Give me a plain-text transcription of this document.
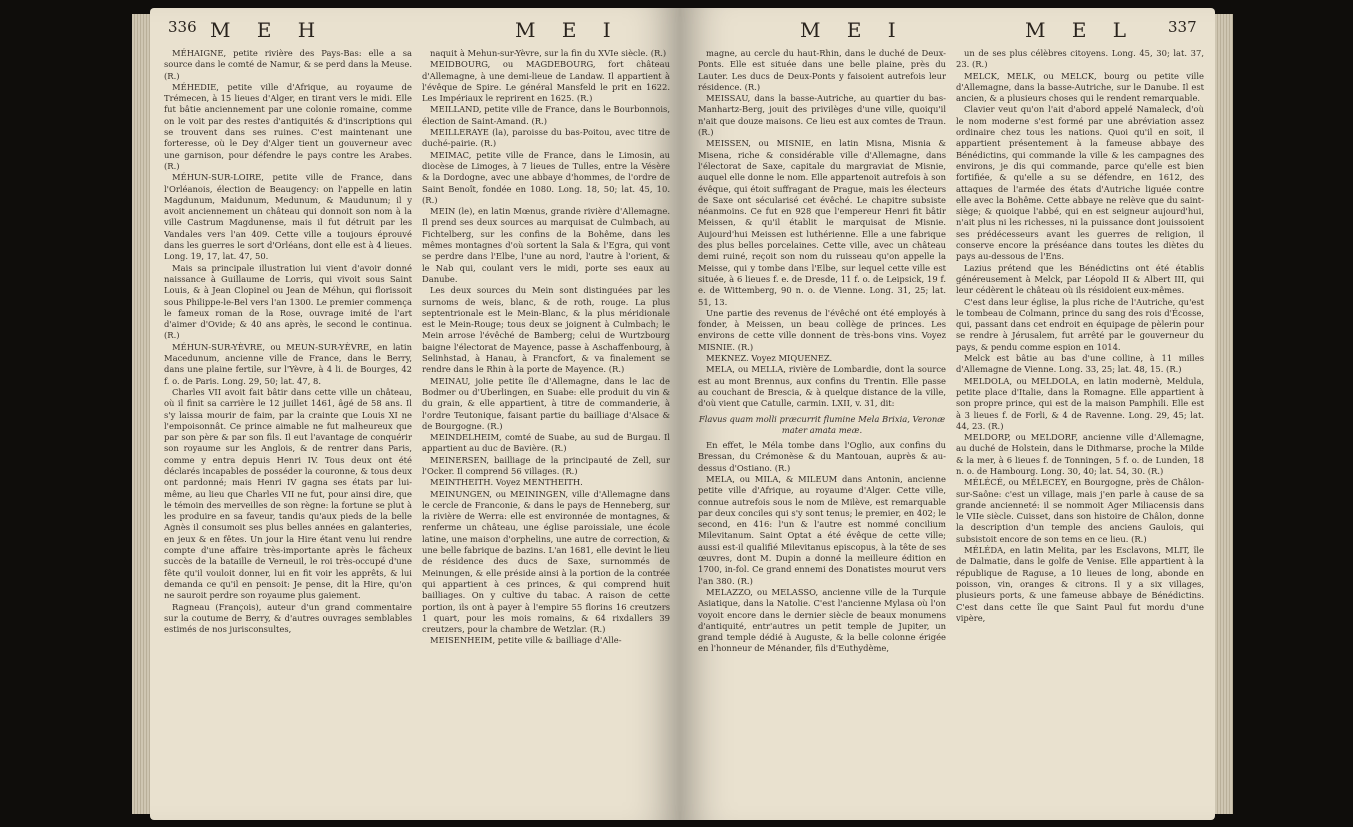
336 M E H	M E I

MÉHAIGNE, petite rivière des Pays-Bas: elle a sa source dans le comté de Namur, & se perd dans la Meuse. (R.)

MÉHEDIE, petite ville d'Afrique, au royaume de Trémecen, à 15 lieues d'Alger, en tirant vers le midi. Elle fut bâtie anciennement par une colonie romaine, comme on le voit par des restes d'antiquités & d'inscriptions qui se trouvent dans ses ruines. C'est maintenant une forteresse, où le Dey d'Alger tient un gouverneur avec une garnison, pour défendre le pays contre les Arabes. (R.)

MÉHUN-SUR-LOIRE, petite ville de France, dans l'Orléanois, élection de Beaugency: on l'appelle en latin Magdunum, Maidunum, Medunum, & Maudunum; il y avoit anciennement un château qui donnoit son nom à la ville Castrum Magdunense, mais il fut détruit par les Vandales vers l'an 409. Cette ville a toujours éprouvé dans les guerres le sort d'Orléans, dont elle est à 4 lieues. Long. 19, 17, lat. 47, 50.

Mais sa principale illustration lui vient d'avoir donné naissance à Guillaume de Lorris, qui vivoit sous Saint Louis, & à Jean Clopinel ou Jean de Méhun, qui florissoit sous Philippe-le-Bel vers l'an 1300. Le premier commença le fameux roman de la Rose, ouvrage imité de l'art d'aimer d'Ovide; & 40 ans après, le second le continua. (R.)

MÉHUN-SUR-YÈVRE, ou MEUN-SUR-YÈVRE, en latin Macedunum, ancienne ville de France, dans le Berry, dans une plaine fertile, sur l'Yèvre, à 4 li. de Bourges, 42 f. o. de Paris. Long. 29, 50; lat. 47, 8.

Charles VII avoit fait bâtir dans cette ville un château, où il finit sa carrière le 12 juillet 1461, âgé de 58 ans. Il s'y laissa mourir de faim, par la crainte que Louis XI ne l'empoisonnât. Ce prince aimable ne fut malheureux que par son père & par son fils. Il eut l'avantage de conquérir son royaume sur les Anglois, & de rentrer dans Paris, comme y entra depuis Henri IV. Tous deux ont été déclarés incapables de posséder la couronne, & tous deux ont pardonné; mais Henri IV gagna ses états par lui-même, au lieu que Charles VII ne fut, pour ainsi dire, que le témoin des merveilles de son règne: la fortune se plut à les produire en sa faveur, tandis qu'aux pieds de la belle Agnès il consumoit ses plus belles années en galanteries, en jeux & en fêtes. Un jour la Hire étant venu lui rendre compte d'une affaire très-importante après le fâcheux succès de la bataille de Verneuil, le roi très-occupé d'une fête qu'il vouloit donner, lui en fit voir les apprêts, & lui demanda ce qu'il en pensoit: Je pense, dit la Hire, qu'on ne sauroit perdre son royaume plus gaiement.

Ragneau (François), auteur d'un grand commentaire sur la coutume de Berry, & d'autres ouvrages semblables estimés de nos jurisconsultes,

naquit à Mehun-sur-Yèvre, sur la fin du XVIe siècle. (R.)

MEIDBOURG, ou MAGDEBOURG, fort château d'Allemagne, à une demi-lieue de Landaw. Il appartient à l'évêque de Spire. Le général Mansfeld le prit en 1622. Les Impériaux le reprirent en 1625. (R.)

MEILLAND, petite ville de France, dans le Bourbonnois, élection de Saint-Amand. (R.)

MEILLERAYE (la), paroisse du bas-Poitou, avec titre de duché-pairie. (R.)

MEIMAC, petite ville de France, dans le Limosin, au diocèse de Limoges, à 7 lieues de Tulles, entre la Vésère & la Dordogne, avec une abbaye d'hommes, de l'ordre de Saint Benoît, fondée en 1080. Long. 18, 50; lat. 45, 10. (R.)

MEIN (le), en latin Mœnus, grande rivière d'Allemagne. Il prend ses deux sources au marquisat de Culmbach, au Fichtelberg, sur les confins de la Bohême, dans les mêmes montagnes d'où sortent la Sala & l'Egra, qui vont se perdre dans l'Elbe, l'une au nord, l'autre à l'orient, & le Nab qui, coulant vers le midi, porte ses eaux au Danube.

Les deux sources du Mein sont distinguées par les surnoms de weis, blanc, & de roth, rouge. La plus septentrionale est le Mein-Blanc, & la plus méridionale est le Mein-Rouge; tous deux se joignent à Culmbach; le Mein arrose l'évêché de Bamberg; celui de Wurtzbourg baigne l'électorat de Mayence, passe à Aschaffenbourg, à Selinhstad, à Hanau, à Francfort, & va finalement se rendre dans le Rhin à la porte de Mayence. (R.)

MEINAU, jolie petite île d'Allemagne, dans le lac de Bodmer ou d'Uberlingen, en Suabe: elle produit du vin & du grain, & elle appartient, à titre de commanderie, à l'ordre Teutonique, faisant partie du bailliage d'Alsace & de Bourgogne. (R.)

MEINDELHEIM, comté de Suabe, au sud de Burgau. Il appartient au duc de Bavière. (R.)

MEINERSEN, bailliage de la principauté de Zell, sur l'Ocker. Il comprend 56 villages. (R.)

MEINTHEITH. Voyez MENTHEITH.

MEINUNGEN, ou MEININGEN, ville d'Allemagne dans le cercle de Franconie, & dans le pays de Henneberg, sur la rivière de Werra: elle est environnée de montagnes, & renferme un château, une église paroissiale, une école latine, une maison d'orphelins, une autre de correction, & une belle fabrique de bazins. L'an 1681, elle devint le lieu de résidence des ducs de Saxe, surnommés de Meinungen, & elle préside ainsi à la portion de la contrée qui appartient à ces princes, & qui comprend huit bailliages. On y cultive du tabac. A raison de cette portion, ils ont à payer à l'empire 55 florins 16 creutzers 1 quart, pour les mois romains, & 64 rixdallers 39 creutzers, pour la chambre de Wetzlar. (R.)

MEISENHEIM, petite ville & bailliage d'Alle-

M E I	M E L 337

magne, au cercle du haut-Rhin, dans le duché de Deux-Ponts. Elle est située dans une belle plaine, près du Lauter. Les ducs de Deux-Ponts y faisoient autrefois leur résidence. (R.)

MEISSAU, dans la basse-Autriche, au quartier du bas-Manhartz-Berg, jouit des privilèges d'une ville, quoiqu'il n'ait que douze maisons. Ce lieu est aux comtes de Traun. (R.)

MEISSEN, ou MISNIE, en latin Misna, Misnia & Misena, riche & considérable ville d'Allemagne, dans l'électorat de Saxe, capitale du margraviat de Misnie, auquel elle donne le nom. Elle appartenoit autrefois à son évêque, qui étoit suffragant de Prague, mais les électeurs de Saxe ont sécularisé cet évêché. Le chapitre subsiste néanmoins. Ce fut en 928 que l'empereur Henri fit bâtir Meissen, & qu'il établit le marquisat de Misnie. Aujourd'hui Meissen est luthérienne. Elle a une fabrique des plus belles porcelaines. Cette ville, avec un château demi ruiné, reçoit son nom du ruisseau qu'on appelle la Meisse, qui y tombe dans l'Elbe, sur lequel cette ville est située, à 6 lieues f. e. de Dresde, 11 f. o. de Leipsick, 19 f. e. de Wittemberg, 90 n. o. de Vienne. Long. 31, 25; lat. 51, 13.

Une partie des revenus de l'évêché ont été employés à fonder, à Meissen, un beau collège de princes. Les environs de cette ville donnent de très-bons vins. Voyez MISNIE. (R.)

MEKNEZ. Voyez MIQUENEZ.

MELA, ou MELLA, rivière de Lombardie, dont la source est au mont Brennus, aux confins du Trentin. Elle passe au couchant de Brescia, & à quelque distance de la ville, d'où vient que Catulle, carmin. LXII, v. 31, dit:

Flavus quam molli præcurrit flumine Mela Brixia, Veronæ mater amata meæ.

En effet, le Méla tombe dans l'Oglio, aux confins du Bressan, du Crémonèse & du Mantouan, auprès & au-dessus d'Ostiano. (R.)

MELA, ou MILA, & MILEUM dans Antonin, ancienne petite ville d'Afrique, au royaume d'Alger. Cette ville, connue autrefois sous le nom de Milève, est remarquable par deux conciles qui s'y sont tenus; le premier, en 402; le second, en 416: l'un & l'autre est nommé concilium Milevitanum. Saint Optat a été évêque de cette ville; aussi est-il qualifié Milevitanus episcopus, à la tête de ses œuvres, dont M. Dupin a donné la meilleure édition en 1700, in-fol. Ce grand ennemi des Donatistes mourut vers l'an 380. (R.)

MELAZZO, ou MELASSO, ancienne ville de la Turquie Asiatique, dans la Natolie. C'est l'ancienne Mylasa où l'on voyoit encore dans le dernier siècle de beaux monumens d'antiquité, entr'autres un petit temple de Jupiter, un grand temple dédié à Auguste, & la belle colonne érigée en l'honneur de Ménander, fils d'Euthydème,

un de ses plus célèbres citoyens. Long. 45, 30; lat. 37, 23. (R.)

MELCK, MELK, ou MELCK, bourg ou petite ville d'Allemagne, dans la basse-Autriche, sur le Danube. Il est ancien, & a plusieurs choses qui le rendent remarquable.

Clavier veut qu'on l'ait d'abord appelé Namaleck, d'où le nom moderne s'est formé par une abréviation assez ordinaire chez tous les nations. Quoi qu'il en soit, il appartient présentement à la fameuse abbaye des Bénédictins, qui commande la ville & les campagnes des environs, je dis qui commande, parce qu'elle est bien fortifiée, & qu'elle a su se défendre, en 1612, des attaques de l'armée des états d'Autriche liguée contre elle avec la Bohême. Cette abbaye ne relève que du saint-siège; & quoique l'abbé, qui en est seigneur aujourd'hui, n'ait plus ni les richesses, ni la puissance dont jouissoient ses prédécesseurs avant les guerres de religion, il conserve encore la préséance dans toutes les diètes du pays au-dessous de l'Ens.

Lazius prétend que les Bénédictins ont été établis généreusement à Melck, par Léopold II & Albert III, qui leur cédèrent le château où ils résidoient eux-mêmes.

C'est dans leur église, la plus riche de l'Autriche, qu'est le tombeau de Colmann, prince du sang des rois d'Écosse, qui, passant dans cet endroit en équipage de pèlerin pour se rendre à Jérusalem, fut arrêté par le gouverneur du pays, & pendu comme espion en 1014.

Melck est bâtie au bas d'une colline, à 11 milles d'Allemagne de Vienne. Long. 33, 25; lat. 48, 15. (R.)

MELDOLA, ou MELDOLA, en latin modernè, Meldula, petite place d'Italie, dans la Romagne. Elle appartient à son propre prince, qui est de la maison Pamphili. Elle est à 3 lieues f. de Forli, & 4 de Ravenne. Long. 29, 45; lat. 44, 23. (R.)

MELDORP, ou MELDORF, ancienne ville d'Allemagne, au duché de Holstein, dans le Dithmarse, proche la Milde & la mer, à 6 lieues f. de Tonningen, 5 f. o. de Lunden, 18 n. o. de Hambourg. Long. 30, 40; lat. 54, 30. (R.)

MÉLÉCÉ, ou MÉLECEY, en Bourgogne, près de Châlon-sur-Saône: c'est un village, mais j'en parle à cause de sa grande ancienneté: il se nommoit Ager Miliacensis dans le VIIe siècle. Cuisset, dans son histoire de Châlon, donne la description d'un temple des anciens Gaulois, qui subsistoit encore de son tems en ce lieu. (R.)

MÉLÉDA, en latin Melita, par les Esclavons, MLIT, île de Dalmatie, dans le golfe de Venise. Elle appartient à la république de Raguse, a 10 lieues de long, abonde en poisson, vin, oranges & citrons. Il y a six villages, plusieurs ports, & une fameuse abbaye de Bénédictins. C'est dans cette île que Saint Paul fut mordu d'une vipère,
